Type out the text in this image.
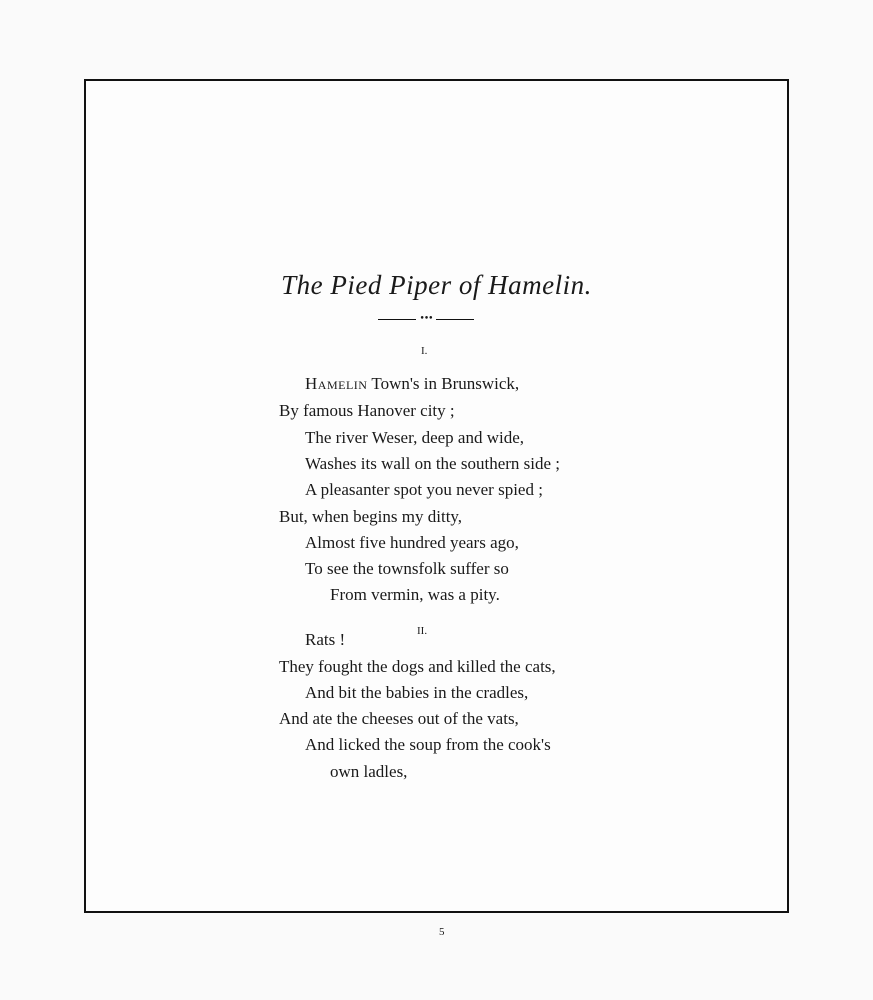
The Pied Piper of Hamelin.
•••
I.
Hamelin Town's in Brunswick,
By famous Hanover city ;
The river Weser, deep and wide,
Washes its wall on the southern side ;
A pleasanter spot you never spied ;
But, when begins my ditty,
Almost five hundred years ago,
To see the townsfolk suffer so
From vermin, was a pity.
II.
Rats !
They fought the dogs and killed the cats,
And bit the babies in the cradles,
And ate the cheeses out of the vats,
And licked the soup from the cook's
own ladles,
5
